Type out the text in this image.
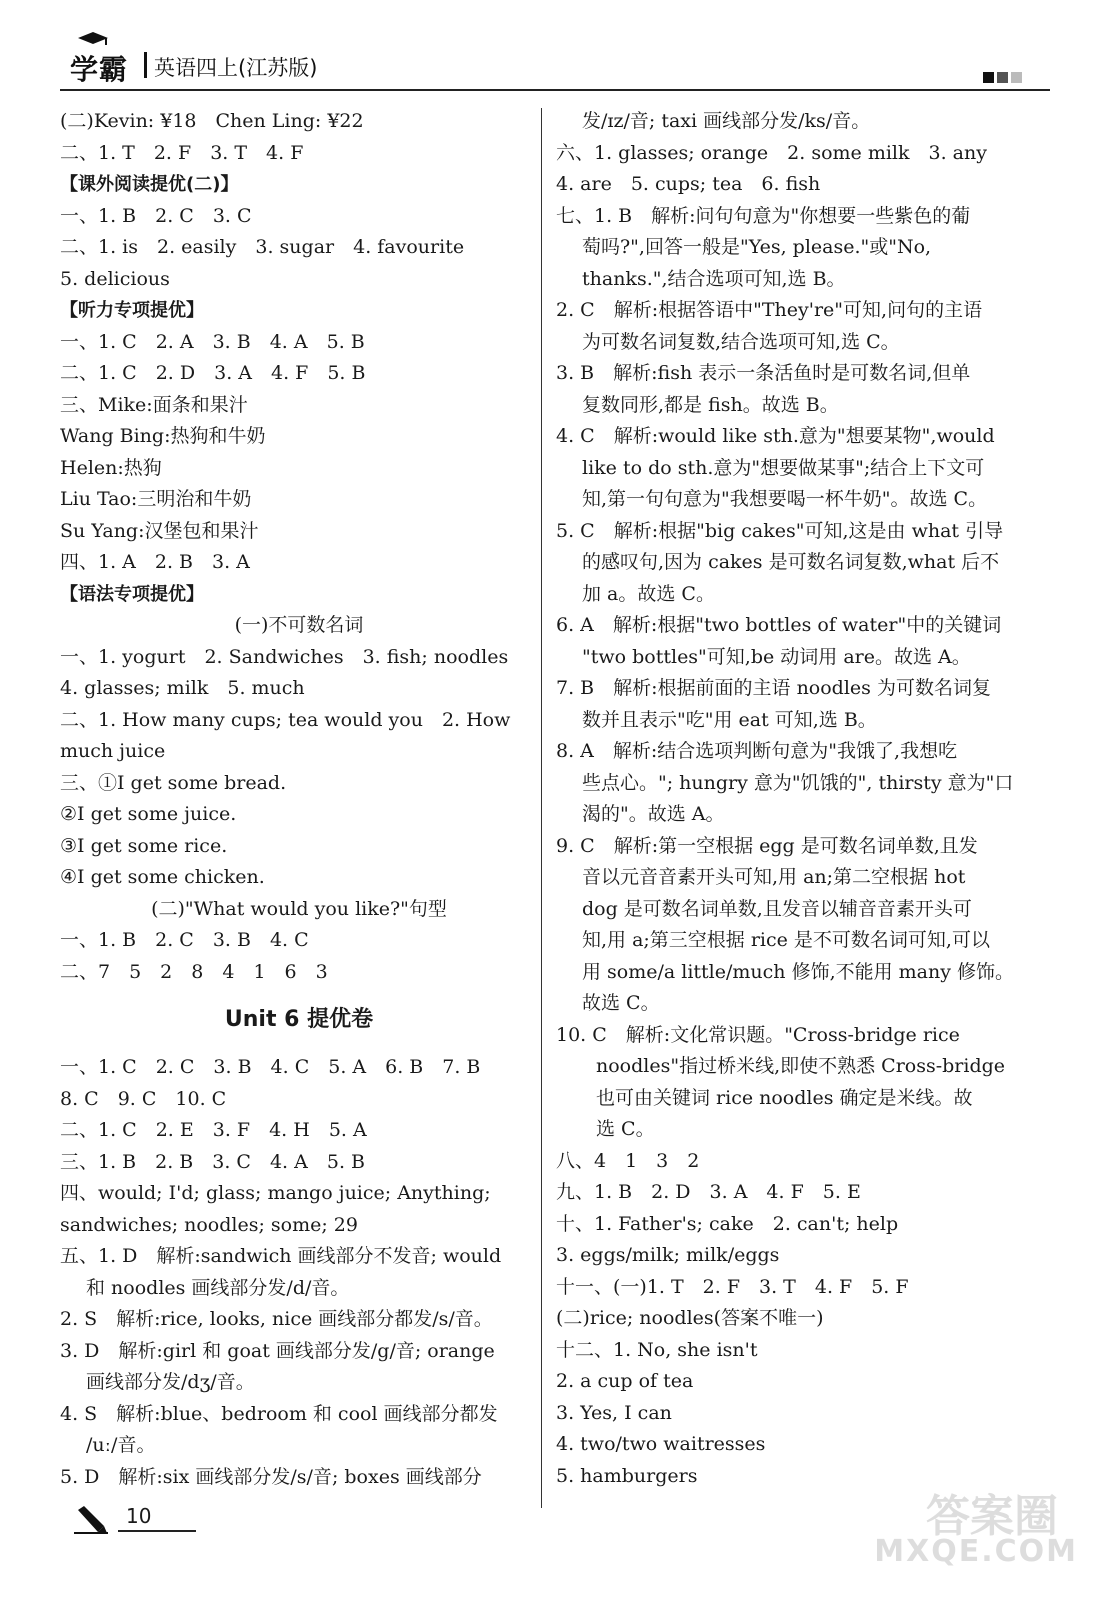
学霸 英语四上(江苏版)
(二)Kevin: ¥18　Chen Ling: ¥22
二、1. T　2. F　3. T　4. F
【课外阅读提优(二)】
一、1. B　2. C　3. C
二、1. is　2. easily　3. sugar　4. favourite
5. delicious
【听力专项提优】
一、1. C　2. A　3. B　4. A　5. B
二、1. C　2. D　3. A　4. F　5. B
三、Mike:面条和果汁
Wang Bing:热狗和牛奶
Helen:热狗
Liu Tao:三明治和牛奶
Su Yang:汉堡包和果汁
四、1. A　2. B　3. A
【语法专项提优】
(一)不可数名词
一、1. yogurt　2. Sandwiches　3. fish; noodles
4. glasses; milk　5. much
二、1. How many cups; tea would you　2. How
much juice
三、①I get some bread.
②I get some juice.
③I get some rice.
④I get some chicken.
(二)"What would you like?"句型
一、1. B　2. C　3. B　4. C
二、7　5　2　8　4　1　6　3
Unit 6 提优卷
一、1. C　2. C　3. B　4. C　5. A　6. B　7. B
8. C　9. C　10. C
二、1. C　2. E　3. F　4. H　5. A
三、1. B　2. B　3. C　4. A　5. B
四、would; I'd; glass; mango juice; Anything;
sandwiches; noodles; some; 29
五、1. D　解析:sandwich 画线部分不发音; would
和 noodles 画线部分发/d/音。
2. S　解析:rice, looks, nice 画线部分都发/s/音。
3. D　解析:girl 和 goat 画线部分发/g/音; orange
画线部分发/dʒ/音。
4. S　解析:blue、bedroom 和 cool 画线部分都发
/uː/音。
5. D　解析:six 画线部分发/s/音; boxes 画线部分
发/ɪz/音; taxi 画线部分发/ks/音。
六、1. glasses; orange　2. some milk　3. any
4. are　5. cups; tea　6. fish
七、1. B　解析:问句句意为"你想要一些紫色的葡
萄吗?",回答一般是"Yes, please."或"No,
thanks.",结合选项可知,选 B。
2. C　解析:根据答语中"They're"可知,问句的主语
为可数名词复数,结合选项可知,选 C。
3. B　解析:fish 表示一条活鱼时是可数名词,但单
复数同形,都是 fish。故选 B。
4. C　解析:would like sth.意为"想要某物",would
like to do sth.意为"想要做某事";结合上下文可
知,第一句句意为"我想要喝一杯牛奶"。故选 C。
5. C　解析:根据"big cakes"可知,这是由 what 引导
的感叹句,因为 cakes 是可数名词复数,what 后不
加 a。故选 C。
6. A　解析:根据"two bottles of water"中的关键词
"two bottles"可知,be 动词用 are。故选 A。
7. B　解析:根据前面的主语 noodles 为可数名词复
数并且表示"吃"用 eat 可知,选 B。
8. A　解析:结合选项判断句意为"我饿了,我想吃
些点心。"; hungry 意为"饥饿的", thirsty 意为"口
渴的"。故选 A。
9. C　解析:第一空根据 egg 是可数名词单数,且发
音以元音音素开头可知,用 an;第二空根据 hot
dog 是可数名词单数,且发音以辅音音素开头可
知,用 a;第三空根据 rice 是不可数名词可知,可以
用 some/a little/much 修饰,不能用 many 修饰。
故选 C。
10. C　解析:文化常识题。"Cross-bridge rice
noodles"指过桥米线,即使不熟悉 Cross-bridge
也可由关键词 rice noodles 确定是米线。故
选 C。
八、4　1　3　2
九、1. B　2. D　3. A　4. F　5. E
十、1. Father's; cake　2. can't; help
3. eggs/milk; milk/eggs
十一、(一)1. T　2. F　3. T　4. F　5. F
(二)rice; noodles(答案不唯一)
十二、1. No, she isn't
2. a cup of tea
3. Yes, I can
4. two/two waitresses
5. hamburgers
10	答案圈
MXQE.COM
